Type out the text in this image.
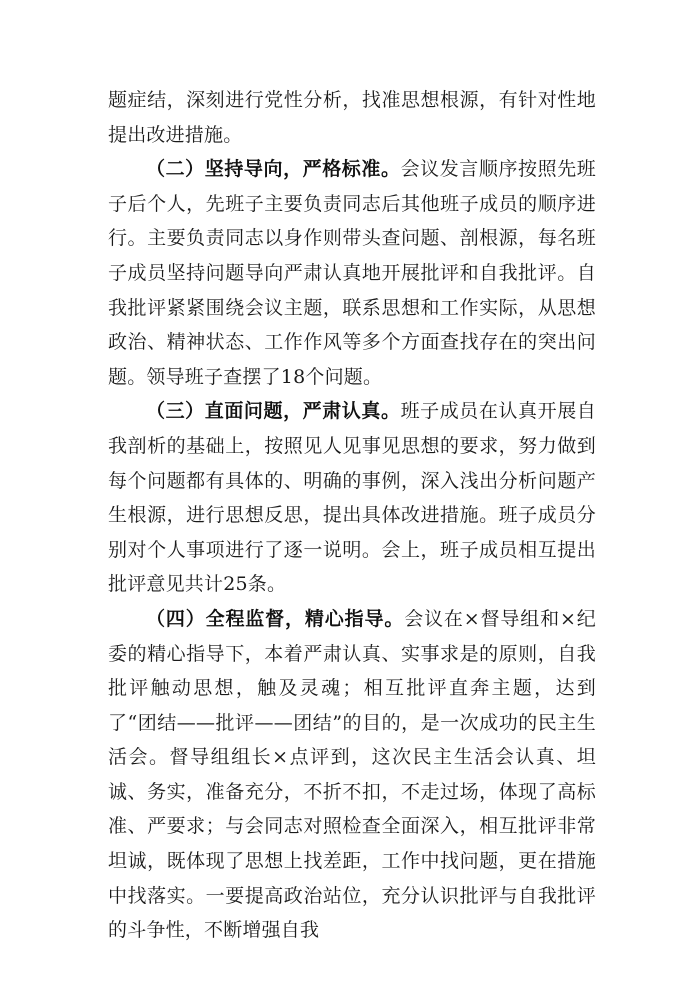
题症结，深刻进行党性分析，找准思想根源，有针对性地提出改进措施。

（二）坚持导向，严格标准。会议发言顺序按照先班子后个人，先班子主要负责同志后其他班子成员的顺序进行。主要负责同志以身作则带头查问题、剖根源，每名班子成员坚持问题导向严肃认真地开展批评和自我批评。自我批评紧紧围绕会议主题，联系思想和工作实际，从思想政治、精神状态、工作作风等多个方面查找存在的突出问题。领导班子查摆了18个问题。

（三）直面问题，严肃认真。班子成员在认真开展自我剖析的基础上，按照见人见事见思想的要求，努力做到每个问题都有具体的、明确的事例，深入浅出分析问题产生根源，进行思想反思，提出具体改进措施。班子成员分别对个人事项进行了逐一说明。会上，班子成员相互提出批评意见共计25条。

（四）全程监督，精心指导。会议在×督导组和×纪委的精心指导下，本着严肃认真、实事求是的原则，自我批评触动思想，触及灵魂；相互批评直奔主题，达到了“团结——批评——团结”的目的，是一次成功的民主生活会。督导组组长×点评到，这次民主生活会认真、坦诚、务实，准备充分，不折不扣，不走过场，体现了高标准、严要求；与会同志对照检查全面深入，相互批评非常坦诚，既体现了思想上找差距，工作中找问题，更在措施中找落实。一要提高政治站位，充分认识批评与自我批评的斗争性，不断增强自我
